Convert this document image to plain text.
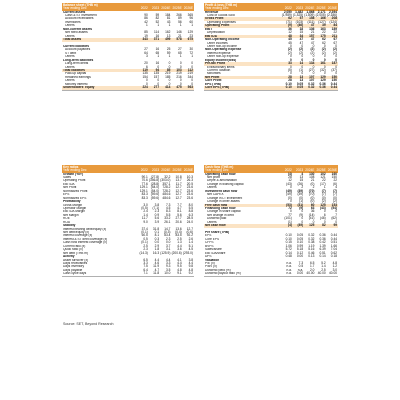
Balance sheet (THB m)
Year ending Dec	2022	2023 2024E 2025E 2026E
Current assets
Cash & ST investment	90	59	184	266	365
Account receivables	86	82	81	89	96
Inventories	42	52	43	56	60
Others	1	1	1	1	1
Non-current assets
Net fixed assets	85	114	162	146	129
Others	19	16	13	21	23
Total assets	343	371	499	578	675
Current liabilities
Account payables	27	16	25	27	30
ST debt	64	65	59	65	72
Others	3	1	1	1	1
Long-term liabilities
Long-term debts	20	16	0	0	0
Others	6	0	0	0	0
Total liabilities	119	94	85	103	112
Paid-up capital	135	135	219	219	219
Retained earnings	154	157	185	216	344
Others	0	0	0	0	0
Minority interest	0	0	0	0	0
Shareholders' equity	224	277	414	475	563
Profit & loss (THB m)
Year ending Dec	2022	2023 2024E 2025E 2026E
Revenue	2,050	1,482	1,868	2,171	2,394
Cost of Goods Sold	(1,989) (1,425) (1,809) (2,005) (2,186)
Gross Profit	62	57	158	166	208
Operating Expenses	(71)	(103)	(111)	(127)	(124)
Operating Profit	(9)	(46)	47	39	84
EBIT	36	18	136	163	189
Depreciation	12	15	21	22	22
EBITDA	48	34	157	175	211
Non-Operating Income	45	47	47	62	67
Other incomes	45	47	47	62	67
Other non-op income	0	0	0	0	0
Non-Operating Expense	(2)	(2)	(2)	(2)	(2)
Interest expense	(2)	(2)	(2)	(2)	(2)
Other non-op expense	0	0	0	0	0
Equity income/(loss)	0	0	0	0	0
Pre-tax Profit	33	14	134	161	187
Extraordinary items	0	0	0	0	0
Current Taxation	(5)	(1)	(27)	(32)	(37)
Minorities	0	0	0	0	0
Net Profit	28	13	107	129	150
Core Profit	28	13	107	129	150
EPS (THB)	0.10	0.05	0.32	0.36	0.44
Core EPS (THB)	0.10	0.05	0.32	0.36	0.44
Key ratios
Year ending Dec	2022	2023 2024E 2025E 2026E
Growth (YoY)
Sales	90.1 (27.8)	32.2	10.8	10.3
Operating Profit	70.6 (356.8) (303.0)	13.7	26.3
EBITDA	77.6 (28.8)	357.1	11.7	20.5
Net Profit	129.1 (54.0)	728.2	12.7	23.6
Normalized Profit	129.1 (54.0)	728.2	12.7	23.6
EPS	83.3 (59.6)	484.6	12.7	23.6
Normalized EPS	83.3 (59.6)	484.6	12.7	23.6
Profitability
Gross Margin	3.0	3.8	7.3	7.7	8.0
Operator Margin	(0.5)	(7.1)	4.5	4.7	5.5
EBITDA Margin	2.4	2.3	8.3	8.1	8.8
Net Margin	1.4	0.9	5.5	5.6	6.3
ROE	11.7	5.6	33.2	27.7	28.5
ROA	9.0	3.9	26.1	20.6	24.0
Stability
Interest bearing debt/equity (x)	37.4	31.8	14.7	13.6	12.7
Net debt/equity (x)	(0.1)	0.1	(0.3)	(0.4)	(0.6)
Interest coverage (x)	60.5	8.1	83.4	83.5	92.2
Interest & ST debt coverage (x)	0.5	0.3	2.3	2.5	2.6
Cash flow interest coverage (x)	(0.1)	0.0	0.0	1.3	1.4
Current ratio (x)	2.5	2.9	3.7	4.4	5.1
Quick ratio (x)	2.3	1.8	3.1	3.6	4.5
Net debt (THB m)	(14.3)	16.3 (125.9) (200.6) (293.0)
Activity
Asset turnover (x)	6.5	4.4	4.4	4.1	3.8
Days receivables	3.3	4.6	3.3	4.4	4.4
Days inventory	7.5	11.9	9.3	9.5	9.8
Days payable	6.4	4.7	3.5	4.8	4.8
Cash cycle days	7.1	11.8	10.0	9.1	9.2
Cash flow (THB m)
Year ending Dec	2022	2023 2024E 2025E 2026E
Operating cash flow	(4)	4	130	102	160
Net profit	28	13	108	121	150
Depre & amortization	12	15	21	22	22
Change in working capital	(43)	(26)	(0)	(17)	(6)
Others	0	2	2	1	4
Investment cash flow	(49)	(39)	(70)	(7)	(7)
Net CAPEX	(49)	(39)	(70)	(7)	(7)
Change in LT investment	(0)	(0)	(0)	(0)	(0)
Change in other assets	0	(1)	(0)	(2)	(2)
Free cash flow	(53)	(31)	60	125	153
Financing cash flow	72	(9)	63	(43)	(54)
Change in share capital	0	0	36	0	0
Net change in debt	77	(9)	(14)	6	7
Dividend paid	(101)	0	(41)	(46)	(62)
Others	(1)	0	0	0	0
Net cash flow	(4)	(49)	125	82	99
Per share (THB)
EPS	0.10	0.05	0.32	0.36	0.44
Core EPS	0.10	0.05	0.32	0.36	0.44
CFPS	0.15	0.10	0.38	0.42	0.51
BVPS	1.06	0.99	1.19	1.39	1.66
Sales/share	5.72	5.18	5.16	6.39	7.04
EBITDA/share	0.14	0.12	0.46	0.51	0.62
DPS	0.48	0.00	0.13	0.14	0.18
Valuation
P/E (x)	n.a.	7.3	6.5	5.2	4.8
P/BV (x)	n.a.	0.5	1.7	1.4	1.2
Dividend yield (%)	n.a.	n.a.	2.0	2.5	3.0
Dividend payout ratio (%)	n.a.	0.00	40.00	40.00	40.00
Source: SET, Beyond Research
